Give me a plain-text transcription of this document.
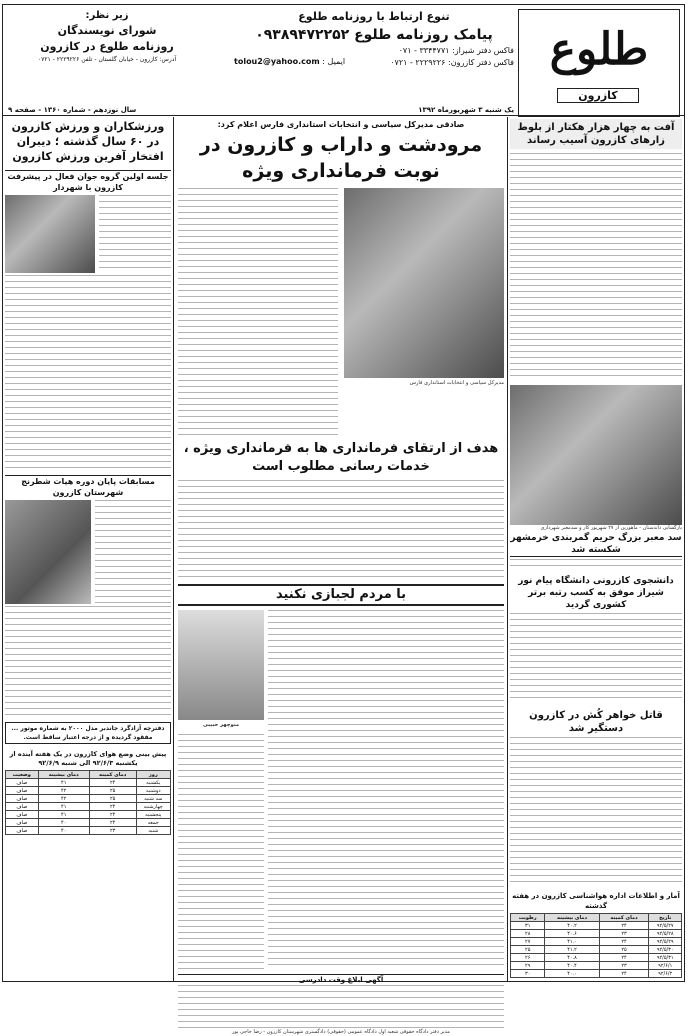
طلوع
کازرون
تنوع ارتباط با روزنامه طلوع
پیامک روزنامه طلوع ۰۹۳۸۹۴۷۲۲۵۲
فاکس دفتر شیراز: ۳۳۴۴۷۷۱ - ۰۷۱
فاکس دفتر کازرون: ۲۲۲۹۲۲۶ - ۰۷۲۱
ایمیل : tolou2@yahoo.com
زیر نظر:
شورای نویسندگان
روزنامه طلوع در کازرون
آدرس: کازرون - خیابان گلستان - تلفن ۲۲۲۹۲۲۶ - ۰۷۲۱
یک شنبه ۳ شهریورماه ۱۳۹۲
سال نوزدهم - شماره ۱۳۶۰ - صفحه ۹
آفت به چهار هزار هکتار از بلوط زارهای کازرون آسیب رساند
بازگشایی داندستان - ماهورین از ۲۷ شهریور کار و سدمعبر شهرداری
سد معبر بزرگ حریم گمربندی خرمشهر شکسته شد
دانشجوی کازرونی دانشگاه پیام نور شیراز موفق به کسب رتبه برتر کشوری گردید
قاتل خواهر کُش در کازرون دستگیر شد
آمار و اطلاعات اداره هواشناسی کازرون در هفته گذشته
تاریخ	دمای کمینه	دمای بیشینه	رطوبت
۹۲/۵/۲۷	۲۴	۴۰.۲	۳۱
۹۲/۵/۲۸	۲۳	۴۰.۶	۲۸
۹۲/۵/۲۹	۲۴	۴۱.۰	۲۷
۹۲/۵/۳۰	۲۵	۴۱.۲	۲۵
۹۲/۵/۳۱	۲۴	۴۰.۸	۲۶
۹۲/۶/۱	۲۳	۴۰.۴	۲۹
۹۲/۶/۲	۲۴	۴۰.۰	۳۰
صادقی مدیرکل سیاسی و انتخابات استانداری فارس اعلام کرد:
مرودشت و داراب و کازرون در نوبت فرمانداری ویژه
مدیرکل سیاسی و انتخابات استانداری فارس
هدف از ارتقای فرمانداری ها به فرمانداری ویژه ، خدمات رسانی مطلوب است
با مردم لجبازی نکنید
منوچهر حبیبی
آگهی ابلاغ وقت دادرسی
مدیر دفتر دادگاه حقوقی شعبه اول دادگاه عمومی (حقوقی) دادگستری شهرستان کازرون - رضا حاجی پور
ورزشکاران و ورزش کازرون در ۶۰ سال گذشته ؛ دیبران افتخار آفرین ورزش کازرون
جلسه اولین گروه جوان فعال در پیشرفت کازرون با شهردار
مسابقات پایان دوره هیات شطرنج شهرستان کازرون
دفترچه آزادگرد جاندبر مدل ۲۰۰۰ به شماره موتور ... مفقود گردیده و از درجه اعتبار ساقط است.
پیش بینی وضع هوای کازرون در یک هفته آینده از یکشنبه ۹۲/۶/۳ الی شنبه ۹۲/۶/۹
روز	دمای کمینه	دمای بیشینه	وضعیت
یکشنبه	۲۴	۴۱	صاف
دوشنبه	۲۵	۴۲	صاف
سه شنبه	۲۵	۴۲	صاف
چهارشنبه	۲۴	۴۱	صاف
پنجشنبه	۲۴	۴۱	صاف
جمعه	۲۴	۴۰	صاف
شنبه	۲۳	۴۰	صاف
